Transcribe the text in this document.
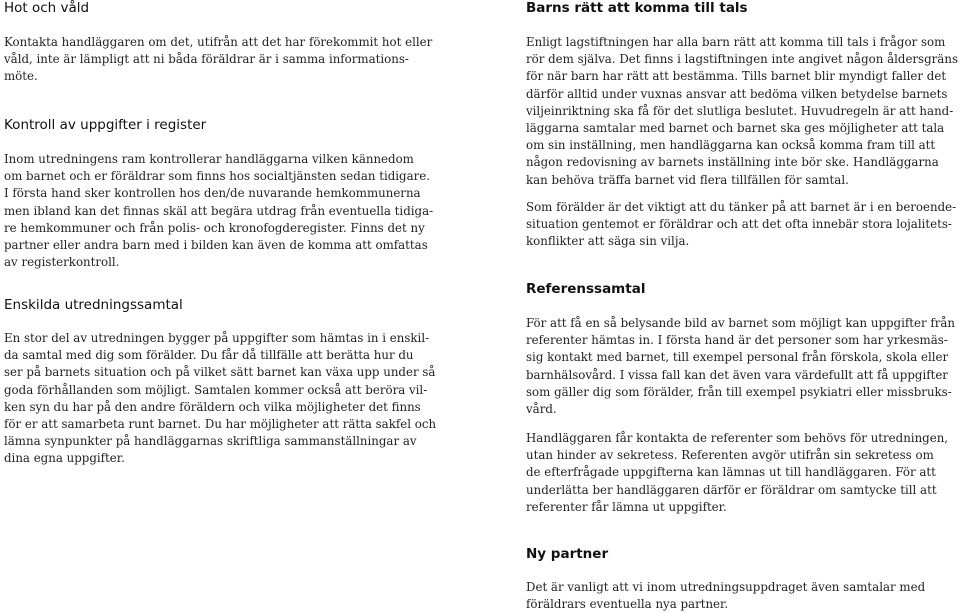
Hot och våld

Kontakta handläggaren om det, utifrån att det har förekommit hot eller
våld, inte är lämpligt att ni båda föräldrar är i samma informations-
möte.

Kontroll av uppgifter i register

Inom utredningens ram kontrollerar handläggarna vilken kännedom
om barnet och er föräldrar som finns hos socialtjänsten sedan tidigare.
I första hand sker kontrollen hos den/de nuvarande hemkommunerna
men ibland kan det finnas skäl att begära utdrag från eventuella tidiga-
re hemkommuner och från polis- och kronofogderegister. Finns det ny
partner eller andra barn med i bilden kan även de komma att omfattas
av registerkontroll.

Enskilda utredningssamtal

En stor del av utredningen bygger på uppgifter som hämtas in i enskil-
da samtal med dig som förälder. Du får då tillfälle att berätta hur du
ser på barnets situation och på vilket sätt barnet kan växa upp under så
goda förhållanden som möjligt. Samtalen kommer också att beröra vil-
ken syn du har på den andre föräldern och vilka möjligheter det finns
för er att samarbeta runt barnet. Du har möjligheter att rätta sakfel och
lämna synpunkter på handläggarnas skriftliga sammanställningar av
dina egna uppgifter.

Barns rätt att komma till tals

Enligt lagstiftningen har alla barn rätt att komma till tals i frågor som
rör dem själva. Det finns i lagstiftningen inte angivet någon åldersgräns
för när barn har rätt att bestämma. Tills barnet blir myndigt faller det
därför alltid under vuxnas ansvar att bedöma vilken betydelse barnets
viljeinriktning ska få för det slutliga beslutet. Huvudregeln är att hand-
läggarna samtalar med barnet och barnet ska ges möjligheter att tala
om sin inställning, men handläggarna kan också komma fram till att
någon redovisning av barnets inställning inte bör ske. Handläggarna
kan behöva träffa barnet vid flera tillfällen för samtal.

Som förälder är det viktigt att du tänker på att barnet är i en beroende-
situation gentemot er föräldrar och att det ofta innebär stora lojalitets-
konflikter att säga sin vilja.

Referenssamtal

För att få en så belysande bild av barnet som möjligt kan uppgifter från
referenter hämtas in. I första hand är det personer som har yrkesmäs-
sig kontakt med barnet, till exempel personal från förskola, skola eller
barnhälsovård. I vissa fall kan det även vara värdefullt att få uppgifter
som gäller dig som förälder, från till exempel psykiatri eller missbruks-
vård.

Handläggaren får kontakta de referenter som behövs för utredningen,
utan hinder av sekretess. Referenten avgör utifrån sin sekretess om
de efterfrågade uppgifterna kan lämnas ut till handläggaren. För att
underlätta ber handläggaren därför er föräldrar om samtycke till att
referenter får lämna ut uppgifter.

Ny partner

Det är vanligt att vi inom utredningsuppdraget även samtalar med
föräldrars eventuella nya partner.
